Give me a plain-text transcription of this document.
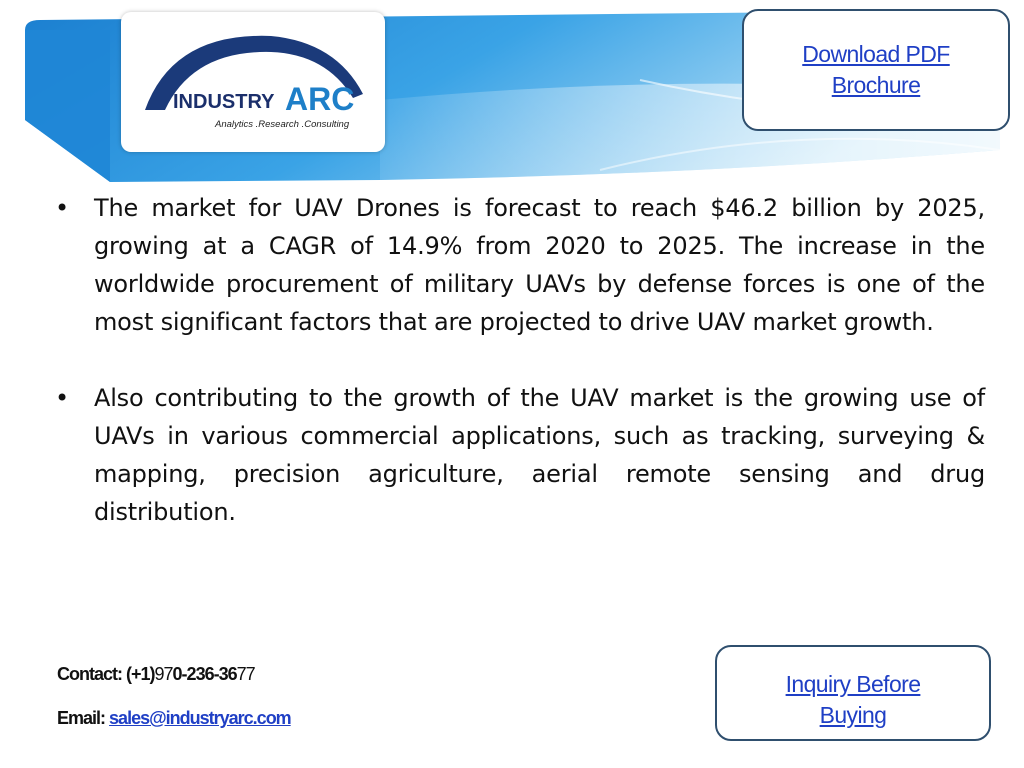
INDUSTRY ARC
Analytics .Research .Consulting
Download PDF
Brochure
• The market for UAV Drones is forecast to reach $46.2 billion by 2025, growing at a CAGR of 14.9% from 2020 to 2025. The increase in the worldwide procurement of military UAVs by defense forces is one of the most significant factors that are projected to drive UAV market growth.
• Also contributing to the growth of the UAV market is the growing use of UAVs in various commercial applications, such as tracking, surveying & mapping, precision agriculture, aerial remote sensing and drug distribution.
Contact: (+1)970-236-3677
Email: sales@industryarc.com
Inquiry Before
Buying
